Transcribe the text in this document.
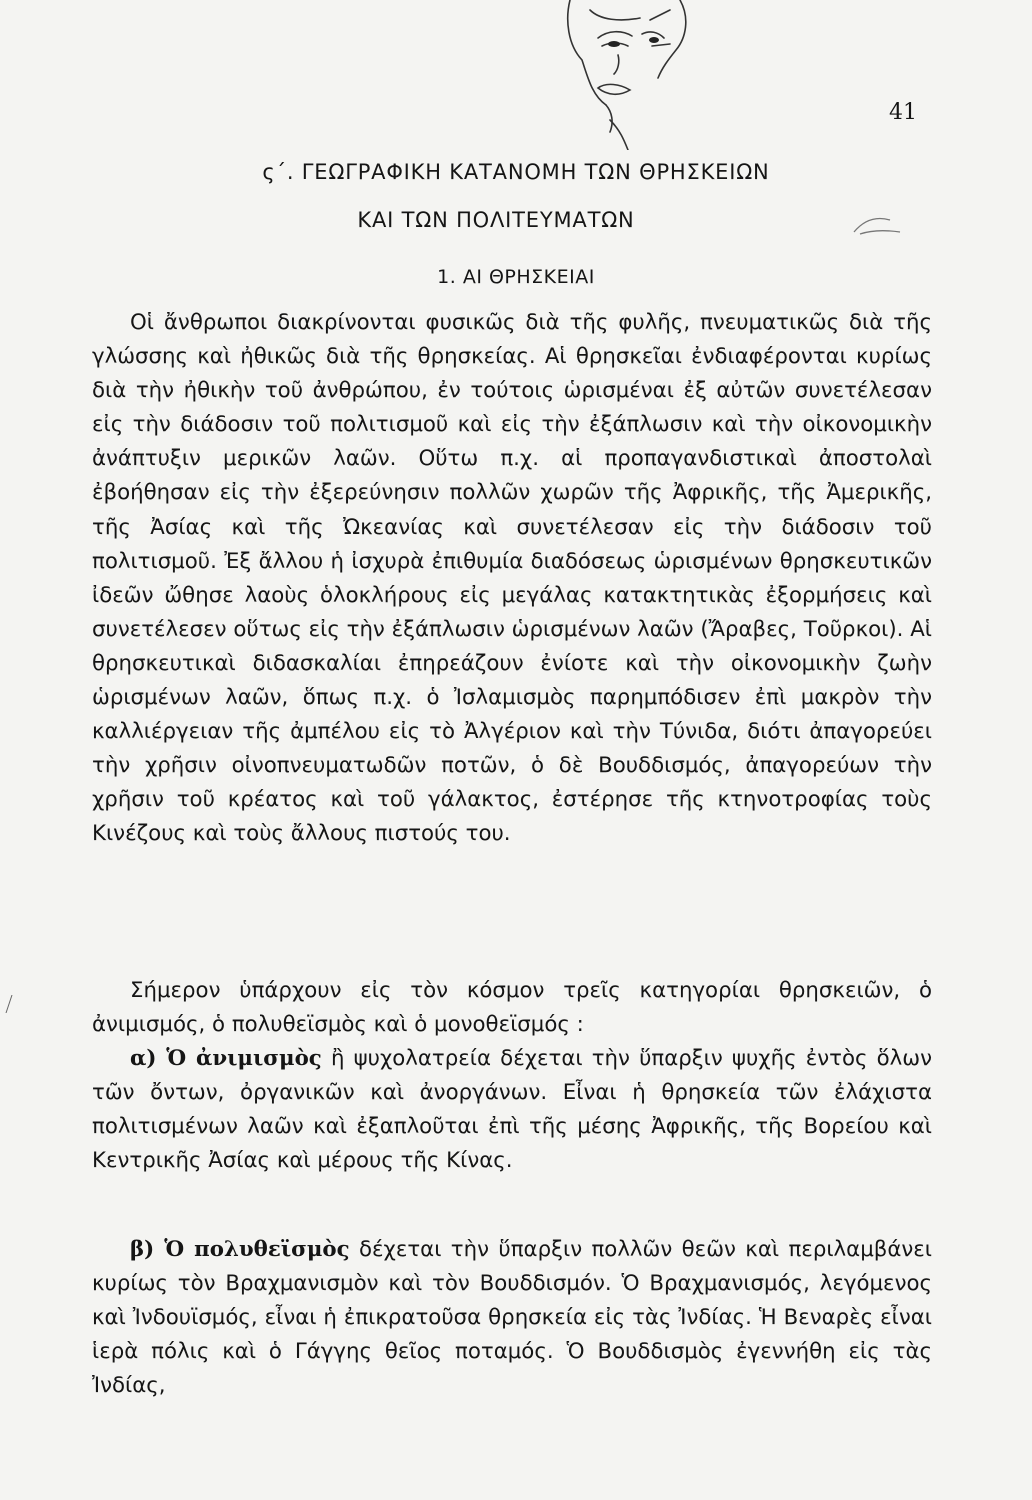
41
ς΄. ΓΕΩΓΡΑΦΙΚΗ ΚΑΤΑΝΟΜΗ ΤΩΝ ΘΡΗΣΚΕΙΩΝ
ΚΑΙ ΤΩΝ ΠΟΛΙΤΕΥΜΑΤΩΝ
1. ΑΙ ΘΡΗΣΚΕΙΑΙ

Οἱ ἄνθρωποι διακρίνονται φυσικῶς διὰ τῆς φυλῆς, πνευματικῶς διὰ τῆς γλώσσης καὶ ἠθικῶς διὰ τῆς θρησκείας. Αἱ θρησκεῖαι ἐνδιαφέρονται κυρίως διὰ τὴν ἠθικὴν τοῦ ἀνθρώπου, ἐν τούτοις ὡρισμέναι ἐξ αὐτῶν συνετέλεσαν εἰς τὴν διάδοσιν τοῦ πολιτισμοῦ καὶ εἰς τὴν ἐξάπλωσιν καὶ τὴν οἰκονομικὴν ἀνάπτυξιν μερικῶν λαῶν. Οὕτω π.χ. αἱ προπαγανδιστικαὶ ἀποστολαὶ ἐβοήθησαν εἰς τὴν ἐξερεύνησιν πολλῶν χωρῶν τῆς Ἀφρικῆς, τῆς Ἀμερικῆς, τῆς Ἀσίας καὶ τῆς Ὠκεανίας καὶ συνετέλεσαν εἰς τὴν διάδοσιν τοῦ πολιτισμοῦ. Ἐξ ἄλλου ἡ ἰσχυρὰ ἐπιθυμία διαδόσεως ὡρισμένων θρησκευτικῶν ἰδεῶν ὤθησε λαοὺς ὁλοκλήρους εἰς μεγάλας κατακτητικὰς ἐξορμήσεις καὶ συνετέλεσεν οὕτως εἰς τὴν ἐξάπλωσιν ὡρισμένων λαῶν (Ἄραβες, Τοῦρκοι). Αἱ θρησκευτικαὶ διδασκαλίαι ἐπηρεάζουν ἐνίοτε καὶ τὴν οἰκονομικὴν ζωὴν ὡρισμένων λαῶν, ὅπως π.χ. ὁ Ἰσλαμισμὸς παρημπόδισεν ἐπὶ μακρὸν τὴν καλλιέργειαν τῆς ἀμπέλου εἰς τὸ Ἀλγέριον καὶ τὴν Τύνιδα, διότι ἀπαγορεύει τὴν χρῆσιν οἰνοπνευματωδῶν ποτῶν, ὁ δὲ Βουδδισμός, ἀπαγορεύων τὴν χρῆσιν τοῦ κρέατος καὶ τοῦ γάλακτος, ἐστέρησε τῆς κτηνοτροφίας τοὺς Κινέζους καὶ τοὺς ἄλλους πιστούς του.

Σήμερον ὑπάρχουν εἰς τὸν κόσμον τρεῖς κατηγορίαι θρησκειῶν, ὁ ἀνιμισμός, ὁ πολυθεϊσμὸς καὶ ὁ μονοθεϊσμός :

α) Ὁ ἀνιμισμὸς ἢ ψυχολατρεία δέχεται τὴν ὕπαρξιν ψυχῆς ἐντὸς ὅλων τῶν ὄντων, ὀργανικῶν καὶ ἀνοργάνων. Εἶναι ἡ θρησκεία τῶν ἐλάχιστα πολιτισμένων λαῶν καὶ ἐξαπλοῦται ἐπὶ τῆς μέσης Ἀφρικῆς, τῆς Βορείου καὶ Κεντρικῆς Ἀσίας καὶ μέρους τῆς Κίνας.

β) Ὁ πολυθεϊσμὸς δέχεται τὴν ὕπαρξιν πολλῶν θεῶν καὶ περιλαμβάνει κυρίως τὸν Βραχμανισμὸν καὶ τὸν Βουδδισμόν. Ὁ Βραχμανισμός, λεγόμενος καὶ Ἰνδουϊσμός, εἶναι ἡ ἐπικρατοῦσα θρησκεία εἰς τὰς Ἰνδίας. Ἡ Βεναρὲς εἶναι ἱερὰ πόλις καὶ ὁ Γάγγης θεῖος ποταμός. Ὁ Βουδδισμὸς ἐγεννήθη εἰς τὰς Ἰνδίας,
